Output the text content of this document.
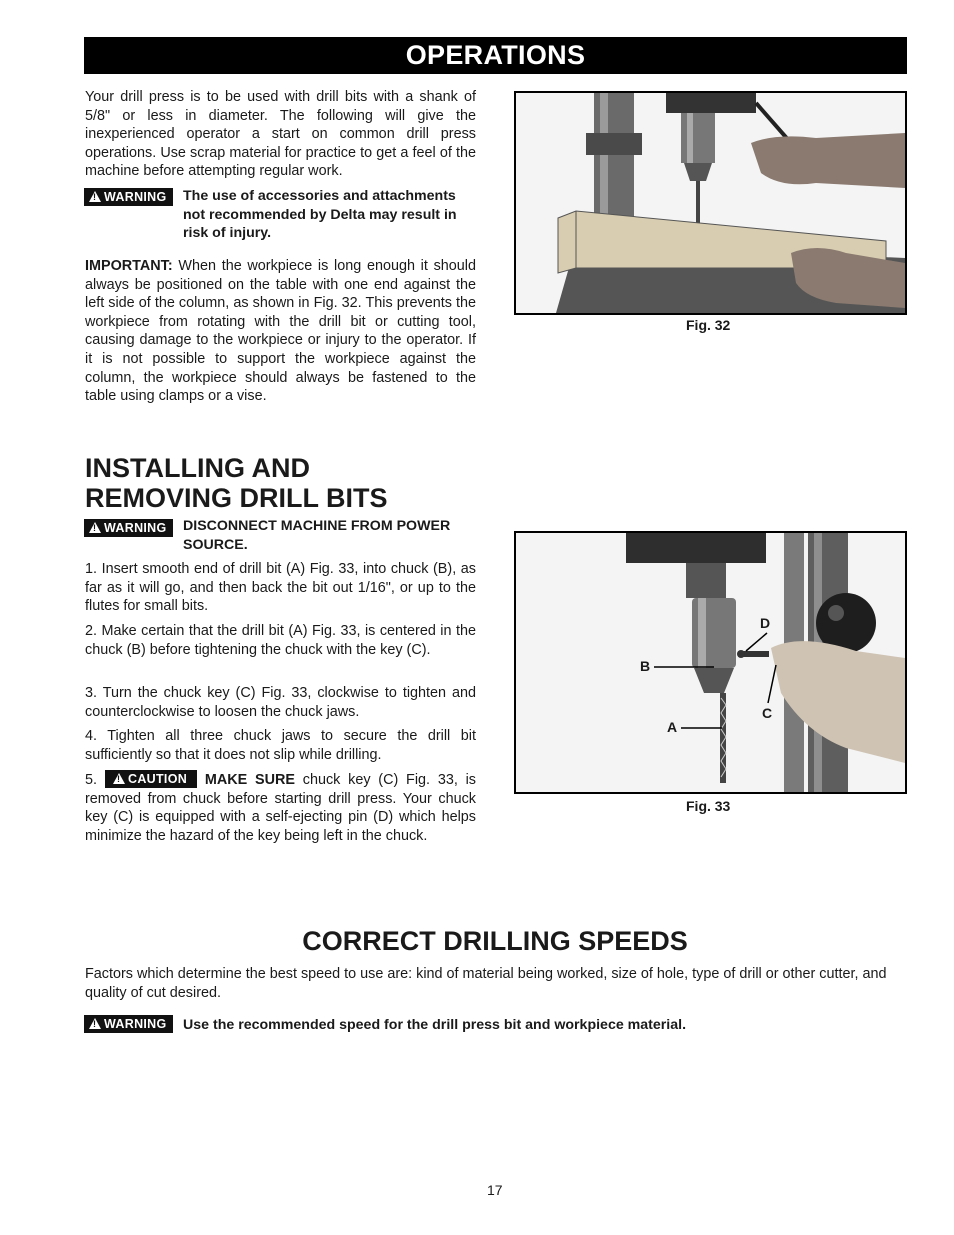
OPERATIONS
Your drill press is to be used with drill bits with a shank of 5/8" or less in diameter. The following will give the inexperienced operator a start on common drill press operations. Use scrap material for practice to get a feel of the machine before attempting regular work.
!WARNING	The use of accessories and attachments not recommended by Delta may result in risk of injury.
IMPORTANT: When the workpiece is long enough it should always be positioned on the table with one end against the left side of the column, as shown in Fig. 32. This prevents the workpiece from rotating with the drill bit or cutting tool, causing damage to the workpiece or injury to the operator. If it is not possible to support the workpiece against the column, the workpiece should always be fastened to the table using clamps or a vise.
Fig. 32
INSTALLING AND
REMOVING DRILL BITS
!WARNING	DISCONNECT MACHINE FROM POWER SOURCE.
1. Insert smooth end of drill bit (A) Fig. 33, into chuck (B), as far as it will go, and then back the bit out 1/16", or up to the flutes for small bits.
2. Make certain that the drill bit (A) Fig. 33, is centered in the chuck (B) before tightening the chuck with the key (C).
3. Turn the chuck key (C) Fig. 33, clockwise to tighten and counterclockwise to loosen the chuck jaws.
4. Tighten all three chuck jaws to secure the drill bit sufficiently so that it does not slip while drilling.
5.! CAUTION MAKE SURE chuck key (C) Fig. 33, is removed from chuck before starting drill press. Your chuck key (C) is equipped with a self-ejecting pin (D) which helps minimize the hazard of the key being left in the chuck.
B
A
D
C
Fig. 33
CORRECT DRILLING SPEEDS
Factors which determine the best speed to use are: kind of material being worked, size of hole, type of drill or other cutter, and quality of cut desired.
!WARNING	Use the recommended speed for the drill press bit and workpiece material.
17
